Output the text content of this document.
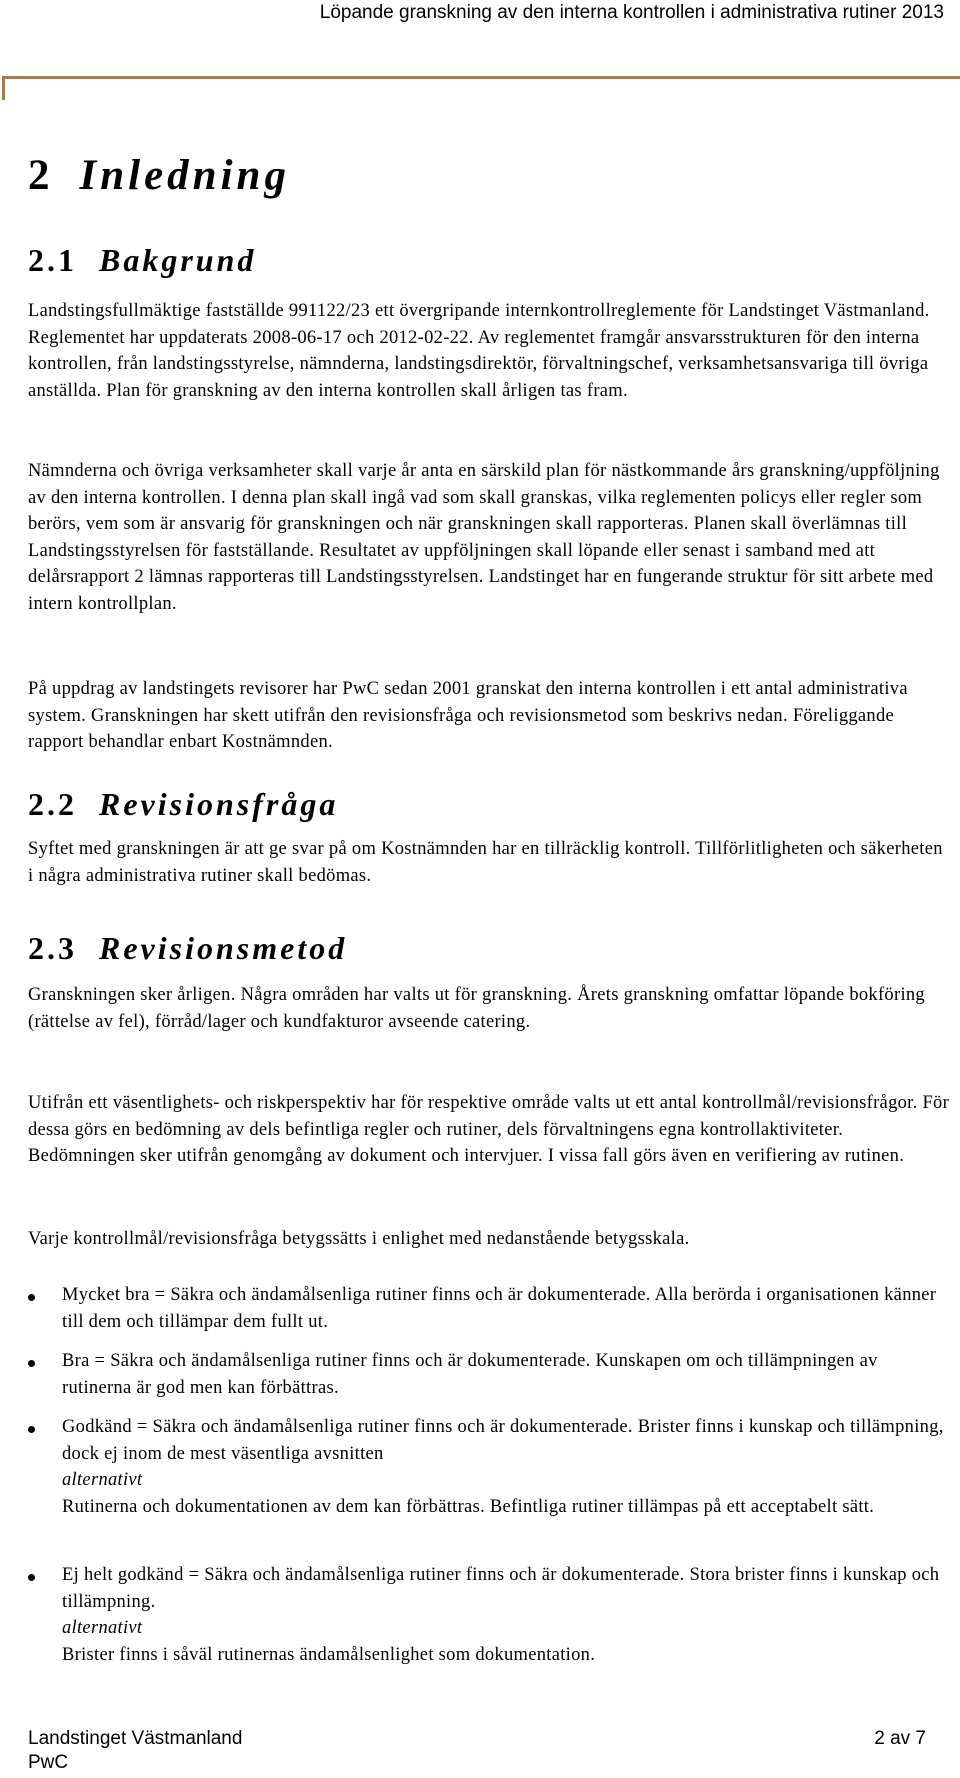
Löpande granskning av den interna kontrollen i administrativa rutiner 2013
2 Inledning
2.1 Bakgrund

Landstingsfullmäktige fastställde 991122/23 ett övergripande internkontrollreglemente för Landstinget Västmanland. Reglementet har uppdaterats 2008-06-17 och 2012-02-22. Av reglementet framgår ansvarsstrukturen för den interna kontrollen, från landstingsstyrelse, nämnderna, landstingsdirektör, förvaltningschef, verksamhetsansvariga till övriga anställda. Plan för granskning av den interna kontrollen skall årligen tas fram.

Nämnderna och övriga verksamheter skall varje år anta en särskild plan för nästkommande års granskning/uppföljning av den interna kontrollen. I denna plan skall ingå vad som skall granskas, vilka reglementen policys eller regler som berörs, vem som är ansvarig för granskningen och när granskningen skall rapporteras. Planen skall överlämnas till Landstingsstyrelsen för fastställande. Resultatet av uppföljningen skall löpande eller senast i samband med att delårsrapport 2 lämnas rapporteras till Landstingsstyrelsen. Landstinget har en fungerande struktur för sitt arbete med intern kontrollplan.

På uppdrag av landstingets revisorer har PwC sedan 2001 granskat den interna kontrollen i ett antal administrativa system. Granskningen har skett utifrån den revisionsfråga och revisionsmetod som beskrivs nedan. Föreliggande rapport behandlar enbart Kostnämnden.

2.2 Revisionsfråga

Syftet med granskningen är att ge svar på om Kostnämnden har en tillräcklig kontroll. Tillförlitligheten och säkerheten i några administrativa rutiner skall bedömas.

2.3 Revisionsmetod

Granskningen sker årligen. Några områden har valts ut för granskning. Årets granskning omfattar löpande bokföring (rättelse av fel), förråd/lager och kundfakturor avseende catering.

Utifrån ett väsentlighets- och riskperspektiv har för respektive område valts ut ett antal kontrollmål/revisionsfrågor. För dessa görs en bedömning av dels befintliga regler och rutiner, dels förvaltningens egna kontrollaktiviteter. Bedömningen sker utifrån genomgång av dokument och intervjuer. I vissa fall görs även en verifiering av rutinen.

Varje kontrollmål/revisionsfråga betygssätts i enlighet med nedanstående betygsskala.

Mycket bra = Säkra och ändamålsenliga rutiner finns och är dokumenterade. Alla berörda i organisationen känner till dem och tillämpar dem fullt ut.
Bra = Säkra och ändamålsenliga rutiner finns och är dokumenterade. Kunskapen om och tillämpningen av rutinerna är god men kan förbättras.
Godkänd = Säkra och ändamålsenliga rutiner finns och är dokumenterade. Brister finns i kunskap och tillämpning, dock ej inom de mest väsentliga avsnitten
alternativt
Rutinerna och dokumentationen av dem kan förbättras. Befintliga rutiner tillämpas på ett acceptabelt sätt.
Ej helt godkänd = Säkra och ändamålsenliga rutiner finns och är dokumenterade. Stora brister finns i kunskap och tillämpning.
alternativt
Brister finns i såväl rutinernas ändamålsenlighet som dokumentation.
Landstinget Västmanland	2 av 7
PwC
